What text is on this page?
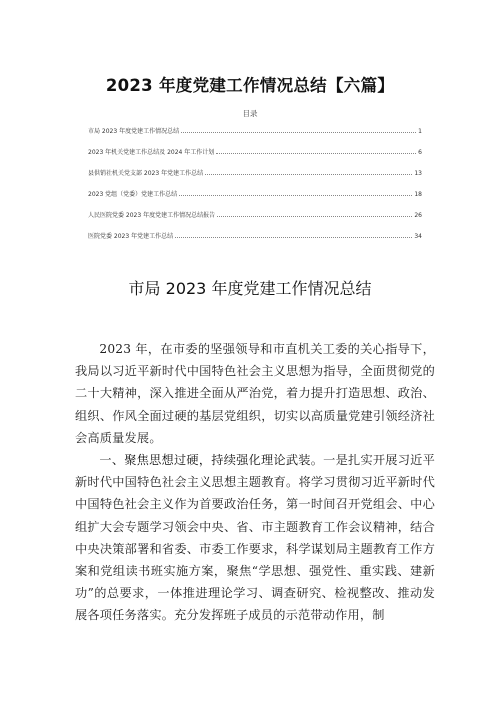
2023 年度党建工作情况总结【六篇】
目录
市局 2023 年度党建工作情况总结	1
2023 年机关党建工作总结及 2024 年工作计划	6
县供销社机关党支部 2023 年党建工作总结	13
2023 党组（党委）党建工作总结	18
人民医院党委 2023 年度党建工作情况总结报告	26
医院党委 2023 年党建工作总结	34
市局 2023 年度党建工作情况总结

2023 年，在市委的坚强领导和市直机关工委的关心指导下，我局以习近平新时代中国特色社会主义思想为指导，全面贯彻党的二十大精神，深入推进全面从严治党，着力提升打造思想、政治、组织、作风全面过硬的基层党组织，切实以高质量党建引领经济社会高质量发展。

一、聚焦思想过硬，持续强化理论武装。一是扎实开展习近平新时代中国特色社会主义思想主题教育。将学习贯彻习近平新时代中国特色社会主义作为首要政治任务，第一时间召开党组会、中心组扩大会专题学习领会中央、省、市主题教育工作会议精神，结合中央决策部署和省委、市委工作要求，科学谋划局主题教育工作方案和党组读书班实施方案，聚焦“学思想、强党性、重实践、建新功”的总要求，一体推进理论学习、调查研究、检视整改、推动发展各项任务落实。充分发挥班子成员的示范带动作用，制
